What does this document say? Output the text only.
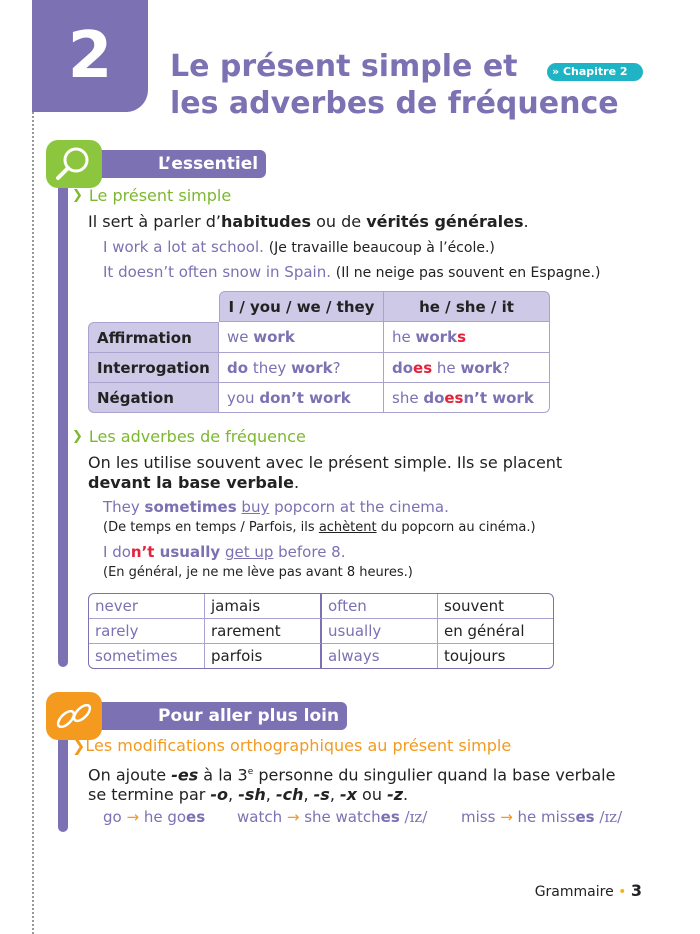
2 Le présent simple et
les adverbes de fréquence
» Chapitre 2
L’essentiel
❯ Le présent simple
Il sert à parler d’habitudes ou de vérités générales.
I work a lot at school. (Je travaille beaucoup à l’école.)
It doesn’t often snow in Spain. (Il ne neige pas souvent en Espagne.)
	I / you / we / they	he / she / it
Affirmation	we work	he works
Interrogation	do they work?	does he work?
Négation	you don’t work	she doesn’t work
❯ Les adverbes de fréquence
On les utilise souvent avec le présent simple. Ils se placent
devant la base verbale.
They sometimes buy popcorn at the cinema.
(De temps en temps / Parfois, ils achètent du popcorn au cinéma.)
I don’t usually get up before 8.
(En général, je ne me lève pas avant 8 heures.)
never	jamais	often	souvent
rarely	rarement	usually	en général
sometimes	parfois	always	toujours
Pour aller plus loin
❯ Les modifications orthographiques au présent simple
On ajoute -es à la 3e personne du singulier quand la base verbale
se termine par -o, -sh, -ch, -s, -x ou -z.
go → he goes watch → she watches /ɪz/ miss → he misses /ɪz/
Grammaire • 3
